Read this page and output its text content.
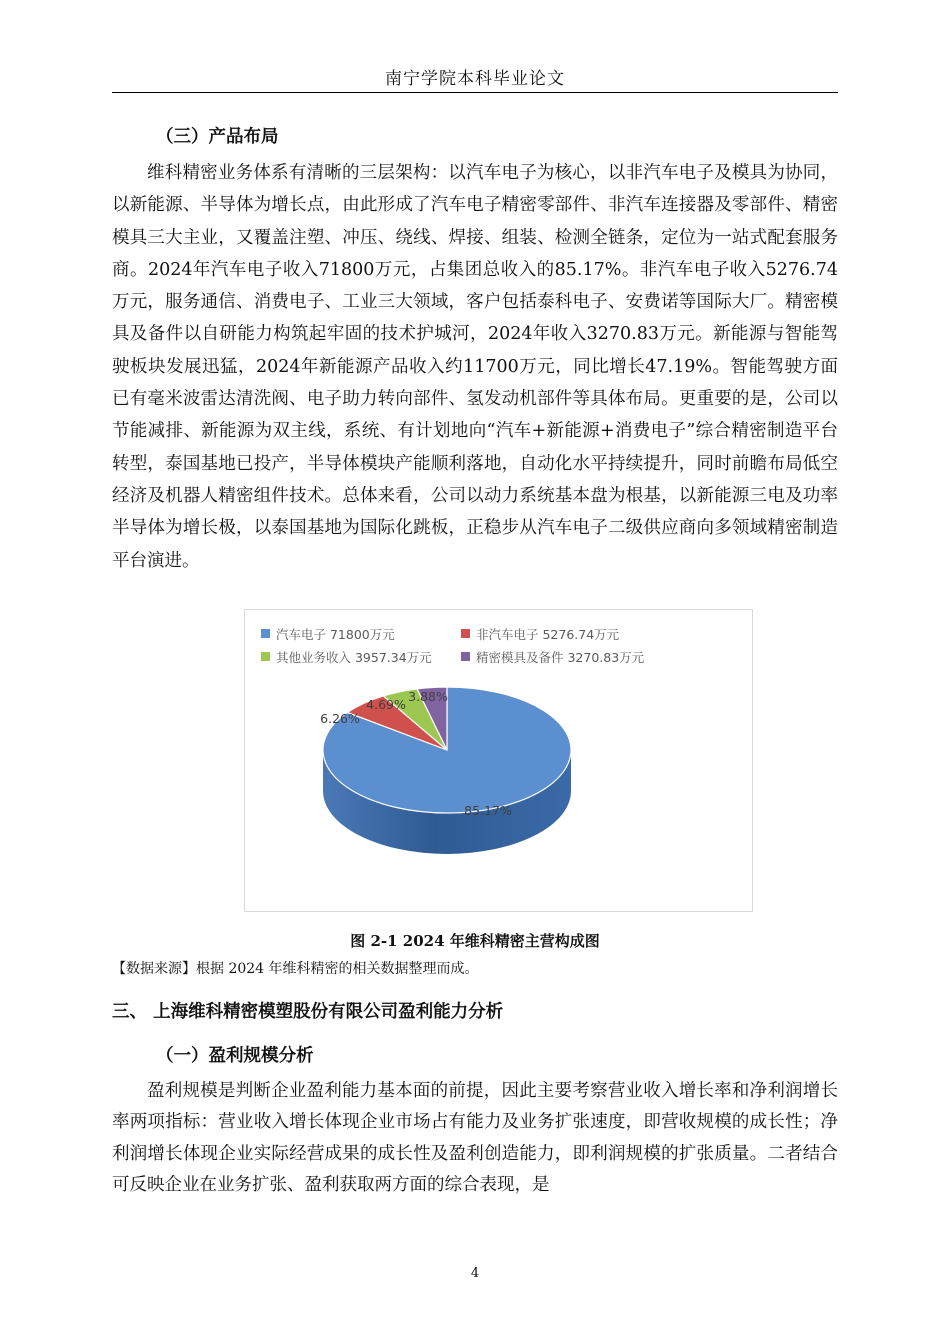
南宁学院本科毕业论文
（三）产品布局
维科精密业务体系有清晰的三层架构：以汽车电子为核心，以非汽车电子及模具为协同，以新能源、半导体为增长点，由此形成了汽车电子精密零部件、非汽车连接器及零部件、精密模具三大主业，又覆盖注塑、冲压、绕线、焊接、组装、检测全链条，定位为一站式配套服务商。2024年汽车电子收入71800万元，占集团总收入的85.17%。非汽车电子收入5276.74万元，服务通信、消费电子、工业三大领域，客户包括泰科电子、安费诺等国际大厂。精密模具及备件以自研能力构筑起牢固的技术护城河，2024年收入3270.83万元。新能源与智能驾驶板块发展迅猛，2024年新能源产品收入约11700万元，同比增长47.19%。智能驾驶方面已有毫米波雷达清洗阀、电子助力转向部件、氢发动机部件等具体布局。更重要的是，公司以节能减排、新能源为双主线，系统、有计划地向“汽车+新能源+消费电子”综合精密制造平台转型，泰国基地已投产，半导体模块产能顺利落地，自动化水平持续提升，同时前瞻布局低空经济及机器人精密组件技术。总体来看，公司以动力系统基本盘为根基，以新能源三电及功率半导体为增长极，以泰国基地为国际化跳板，正稳步从汽车电子二级供应商向多领域精密制造平台演进。
汽车电子 71800万元	非汽车电子 5276.74万元
其他业务收入 3957.34万元	精密模具及备件 3270.83万元
85.17%
6.26%
4.69%
3.88%
图 2-1 2024 年维科精密主营构成图
【数据来源】根据 2024 年维科精密的相关数据整理而成。
三、 上海维科精密模塑股份有限公司盈利能力分析
（一）盈利规模分析
盈利规模是判断企业盈利能力基本面的前提，因此主要考察营业收入增长率和净利润增长率两项指标：营业收入增长体现企业市场占有能力及业务扩张速度，即营收规模的成长性；净利润增长体现企业实际经营成果的成长性及盈利创造能力，即利润规模的扩张质量。二者结合可反映企业在业务扩张、盈利获取两方面的综合表现，是
4
